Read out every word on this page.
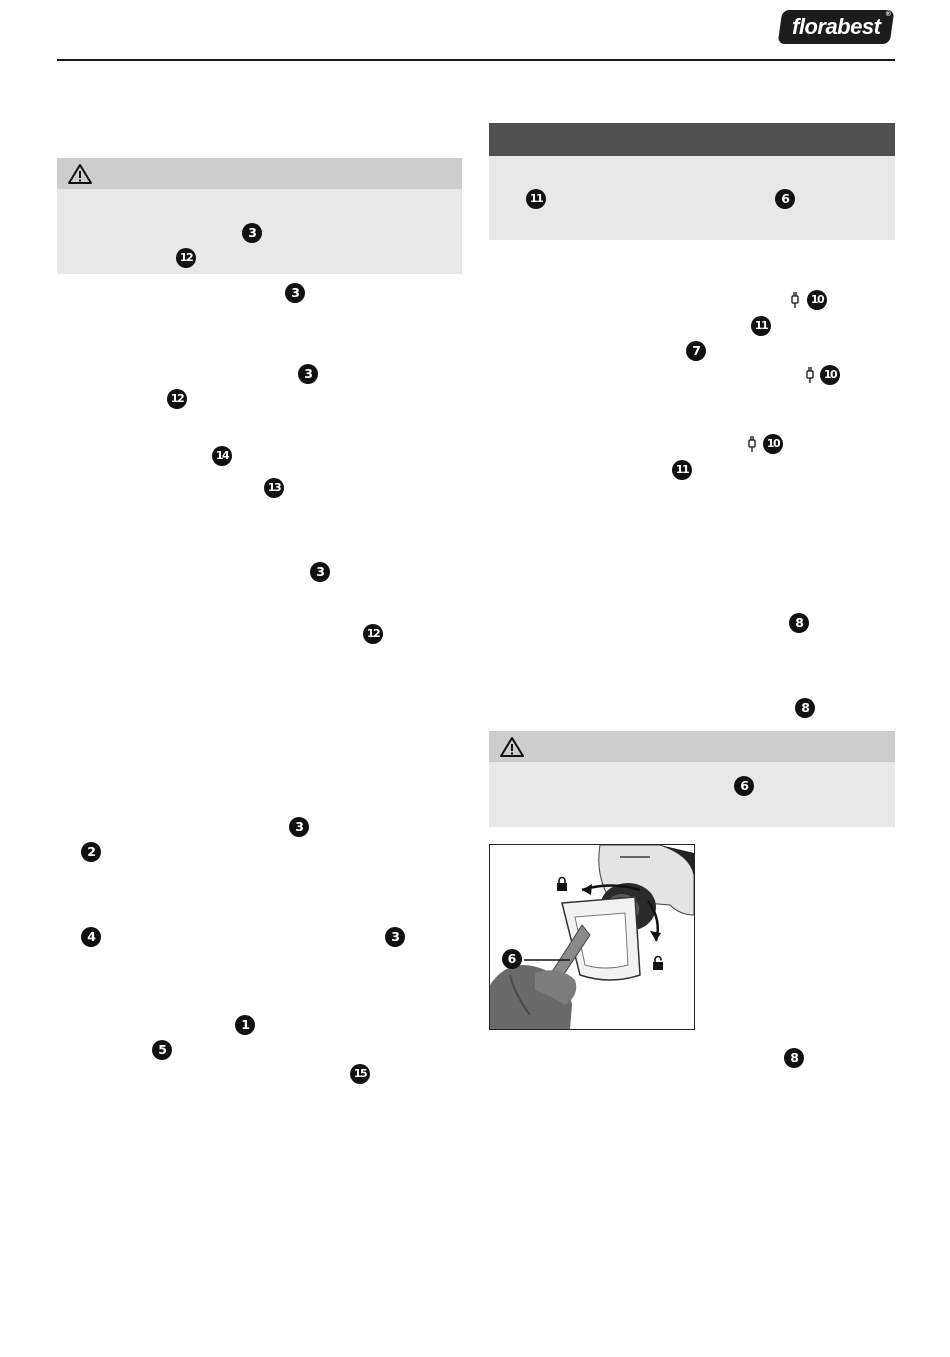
florabest ®
3
12
3
3
12
14
13
3
12
3
2
4	3
1
5
15
11	6
10
11
7
10
10
11
8
8
6
6
8
